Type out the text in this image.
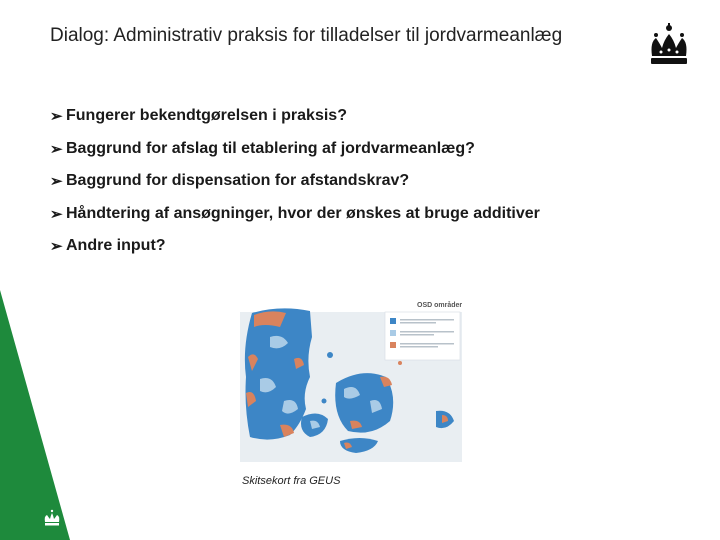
Dialog: Administrativ praksis for tilladelser til jordvarmeanlæg
➢ Fungerer bekendtgørelsen i praksis?
➢ Baggrund for afslag til etablering af jordvarmeanlæg?
➢ Baggrund for dispensation for afstandskrav?
➢ Håndtering af ansøgninger, hvor der ønskes at bruge additiver
➢ Andre input?
OSD områder
Skitsekort fra GEUS
